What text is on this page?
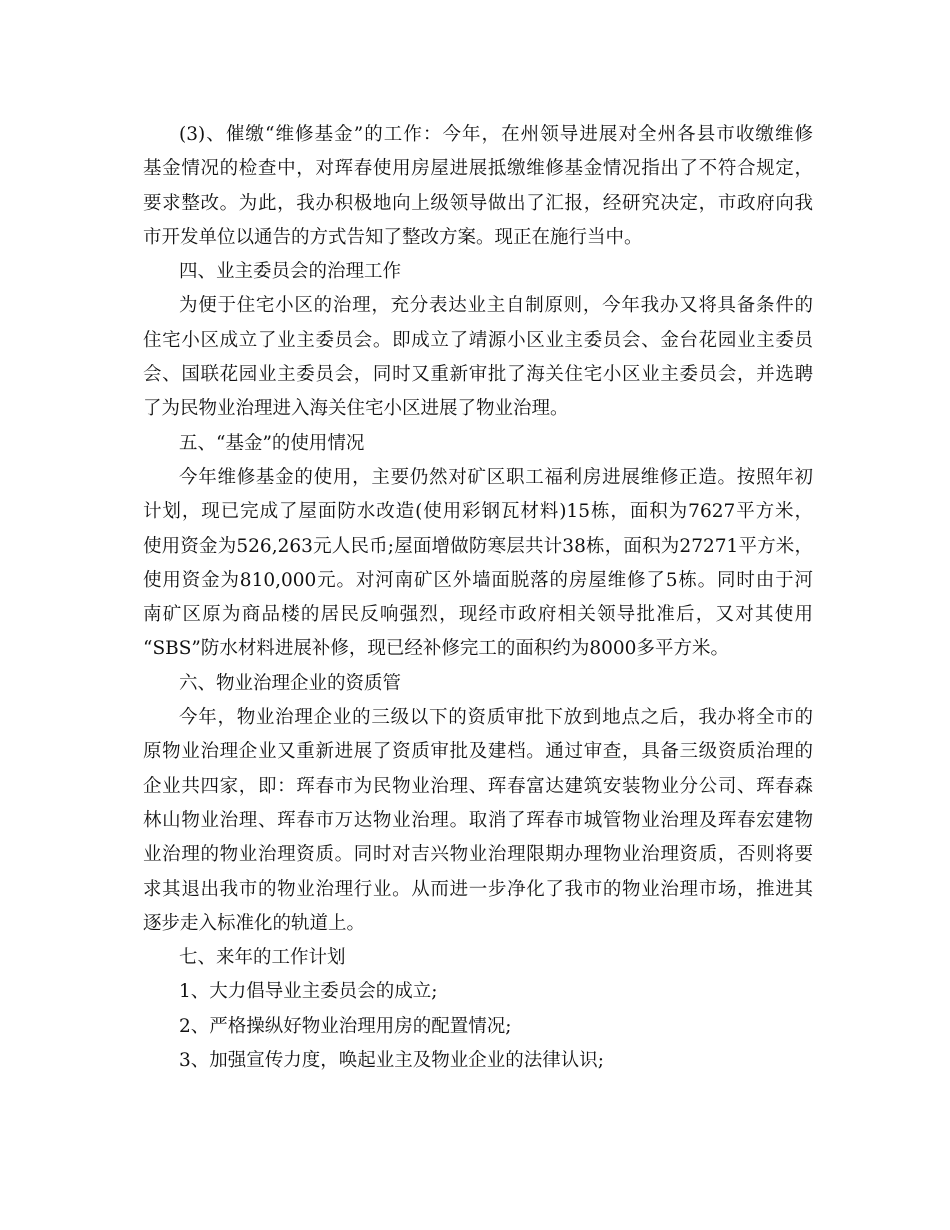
(3)、催缴“维修基金”的工作：今年，在州领导进展对全州各县市收缴维修
基金情况的检查中，对珲春使用房屋进展抵缴维修基金情况指出了不符合规定，
要求整改。为此，我办积极地向上级领导做出了汇报，经研究决定，市政府向我
市开发单位以通告的方式告知了整改方案。现正在施行当中。
四、业主委员会的治理工作
为便于住宅小区的治理，充分表达业主自制原则，今年我办又将具备条件的
住宅小区成立了业主委员会。即成立了靖源小区业主委员会、金台花园业主委员
会、国联花园业主委员会，同时又重新审批了海关住宅小区业主委员会，并选聘
了为民物业治理进入海关住宅小区进展了物业治理。
五、“基金”的使用情况
今年维修基金的使用，主要仍然对矿区职工福利房进展维修正造。按照年初
计划，现已完成了屋面防水改造(使用彩钢瓦材料)15栋，面积为7627平方米，
使用资金为526,263元人民币;屋面增做防寒层共计38栋，面积为27271平方米，
使用资金为810,000元。对河南矿区外墙面脱落的房屋维修了5栋。同时由于河
南矿区原为商品楼的居民反响强烈，现经市政府相关领导批准后，又对其使用
“SBS”防水材料进展补修，现已经补修完工的面积约为8000多平方米。
六、物业治理企业的资质管
今年，物业治理企业的三级以下的资质审批下放到地点之后，我办将全市的
原物业治理企业又重新进展了资质审批及建档。通过审查，具备三级资质治理的
企业共四家，即：珲春市为民物业治理、珲春富达建筑安装物业分公司、珲春森
林山物业治理、珲春市万达物业治理。取消了珲春市城管物业治理及珲春宏建物
业治理的物业治理资质。同时对吉兴物业治理限期办理物业治理资质，否则将要
求其退出我市的物业治理行业。从而进一步净化了我市的物业治理市场，推进其
逐步走入标准化的轨道上。
七、来年的工作计划
1、大力倡导业主委员会的成立;
2、严格操纵好物业治理用房的配置情况;
3、加强宣传力度，唤起业主及物业企业的法律认识;
